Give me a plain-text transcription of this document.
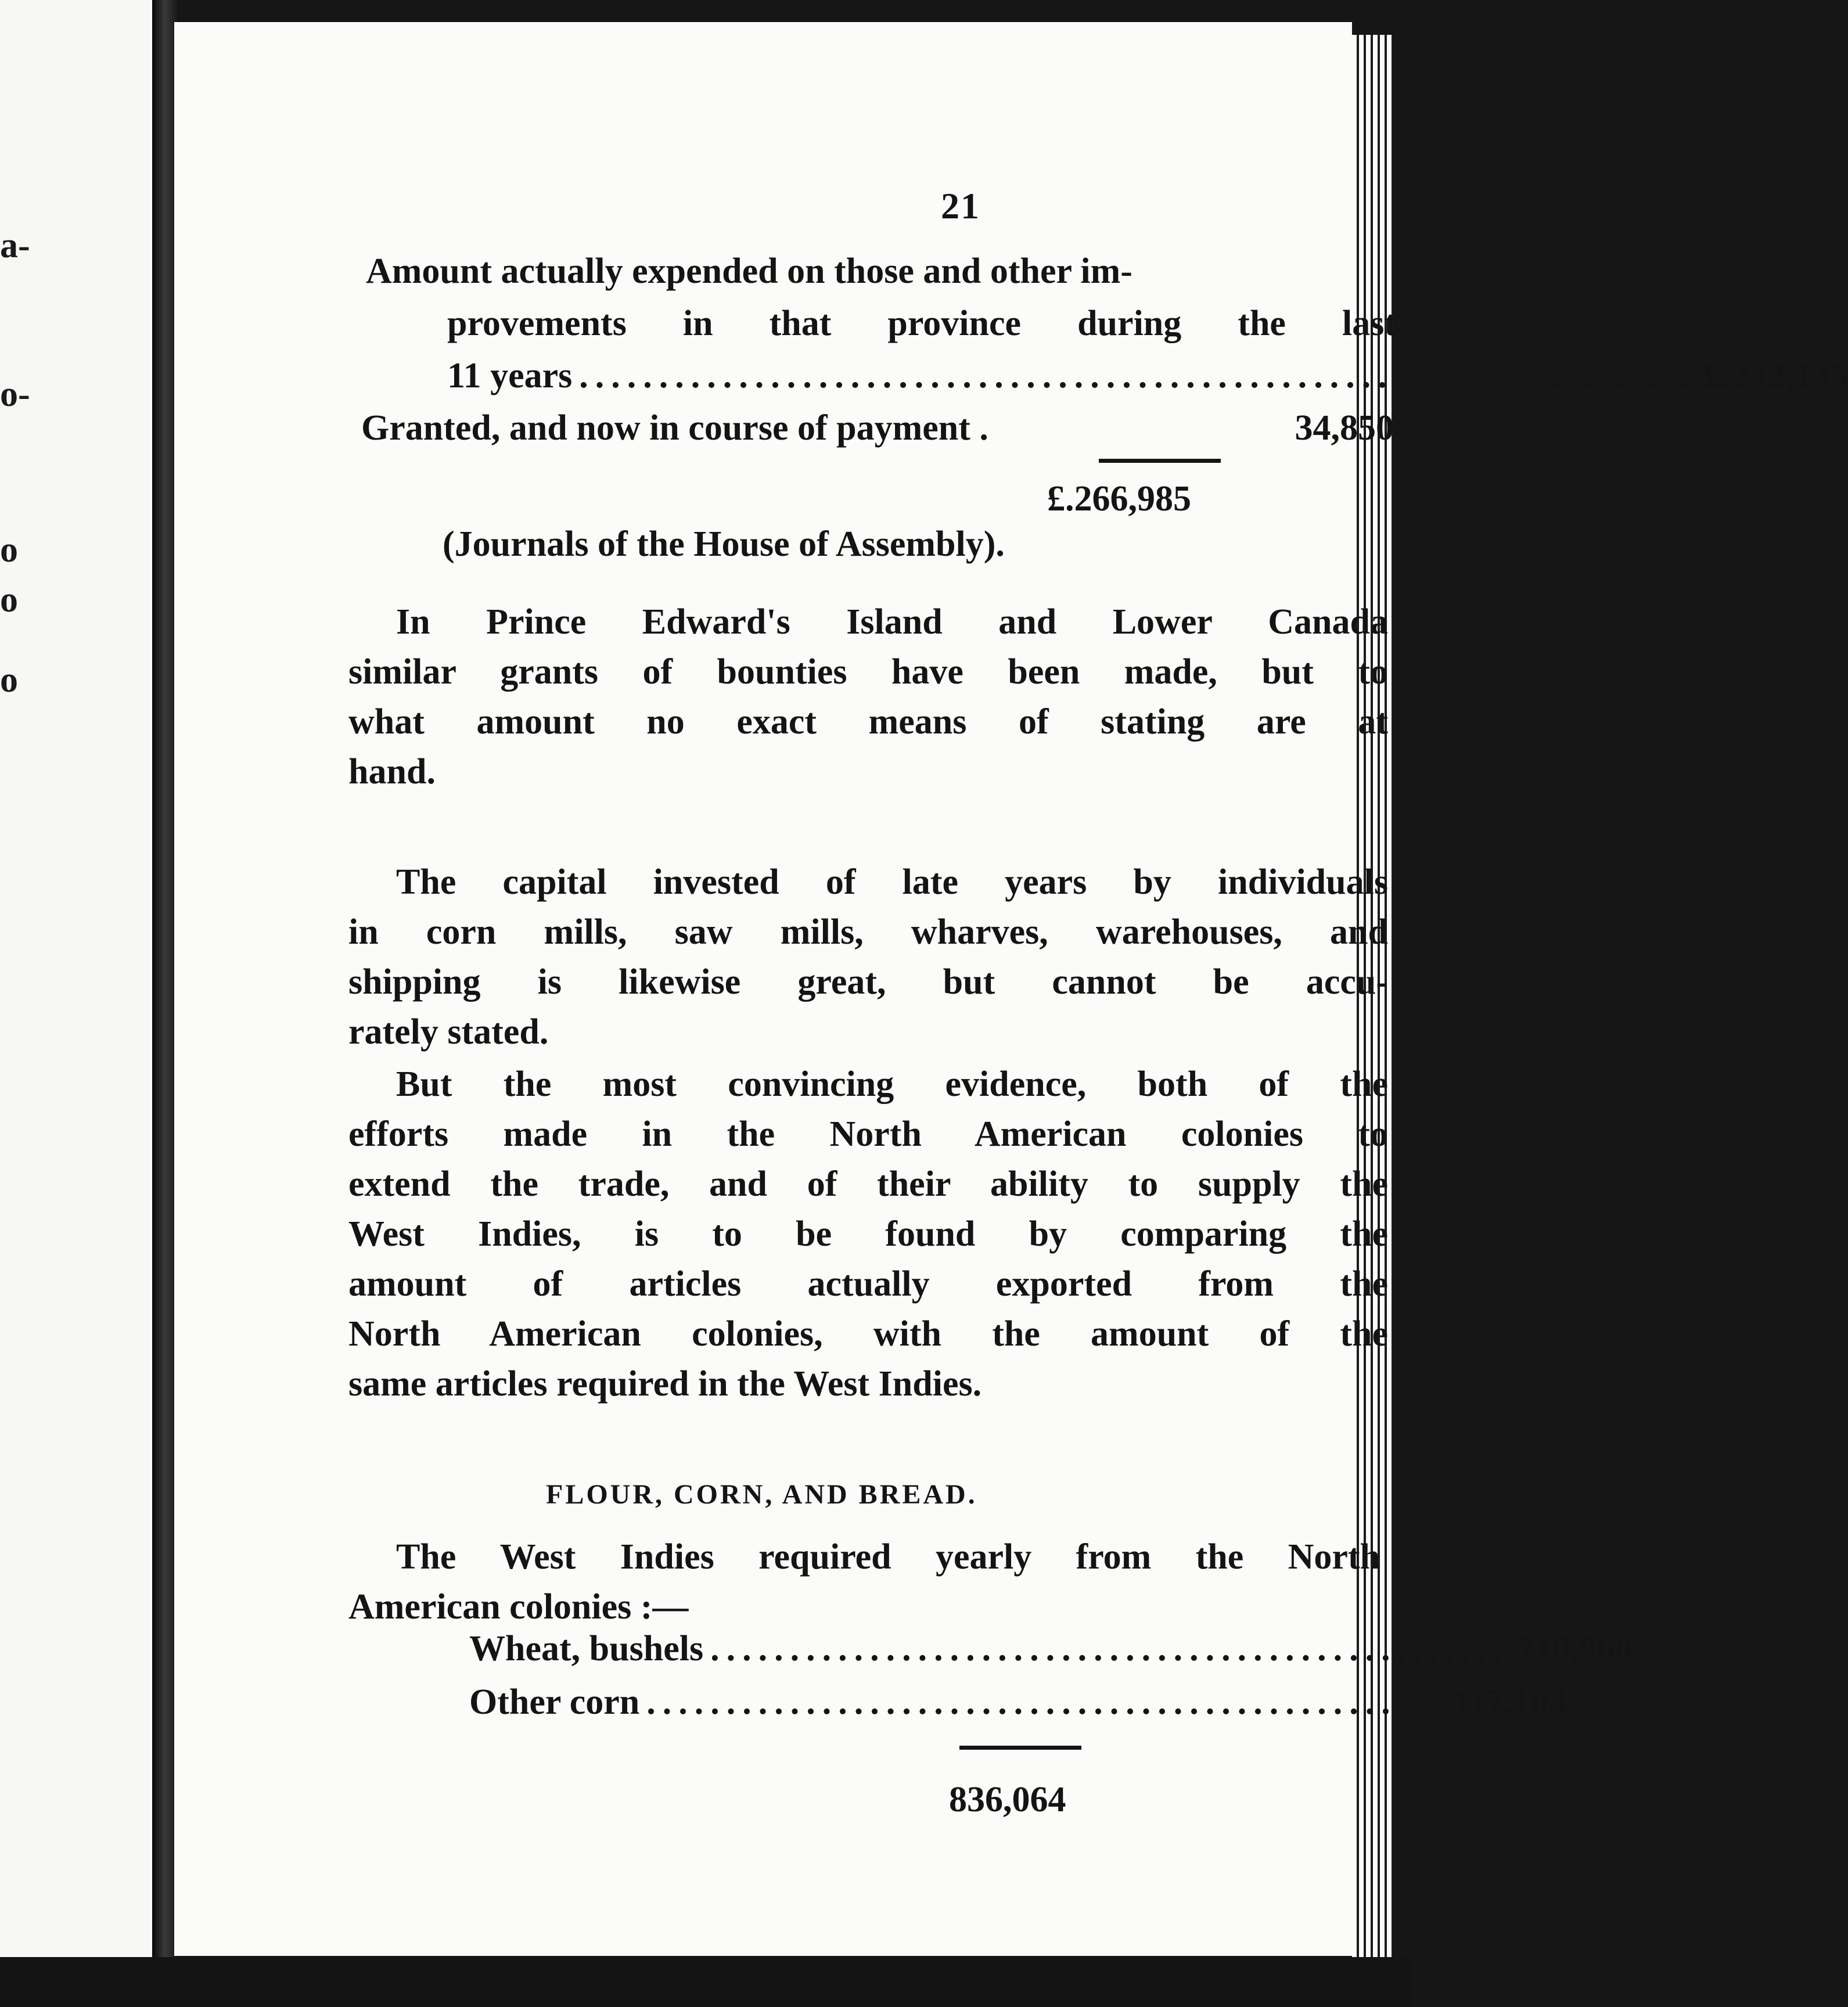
a-
o-
o
o
o
21
Amount actually expended on those and other im-
provements in that province during the last
11 years ...................................................................... £.232,135
Granted, and now in course of payment .	34,850
£.266,985
(Journals of the House of Assembly).
In Prince Edward's Island and Lower Canada
similar grants of bounties have been made, but to
what amount no exact means of stating are at
hand.
The capital invested of late years by individuals
in corn mills, saw mills, wharves, warehouses, and
shipping is likewise great, but cannot be accu-
rately stated.
But the most convincing evidence, both of the
efforts made in the North American colonies to
extend the trade, and of their ability to supply the
West Indies, is to be found by comparing the
amount of articles actually exported from the
North American colonies, with the amount of the
same articles required in the West Indies.
FLOUR, CORN, AND BREAD.
The West Indies required yearly from the North
American colonies :—
Wheat, bushels .................................................. 718,960
Other corn .................................................. 117,104
836,064
